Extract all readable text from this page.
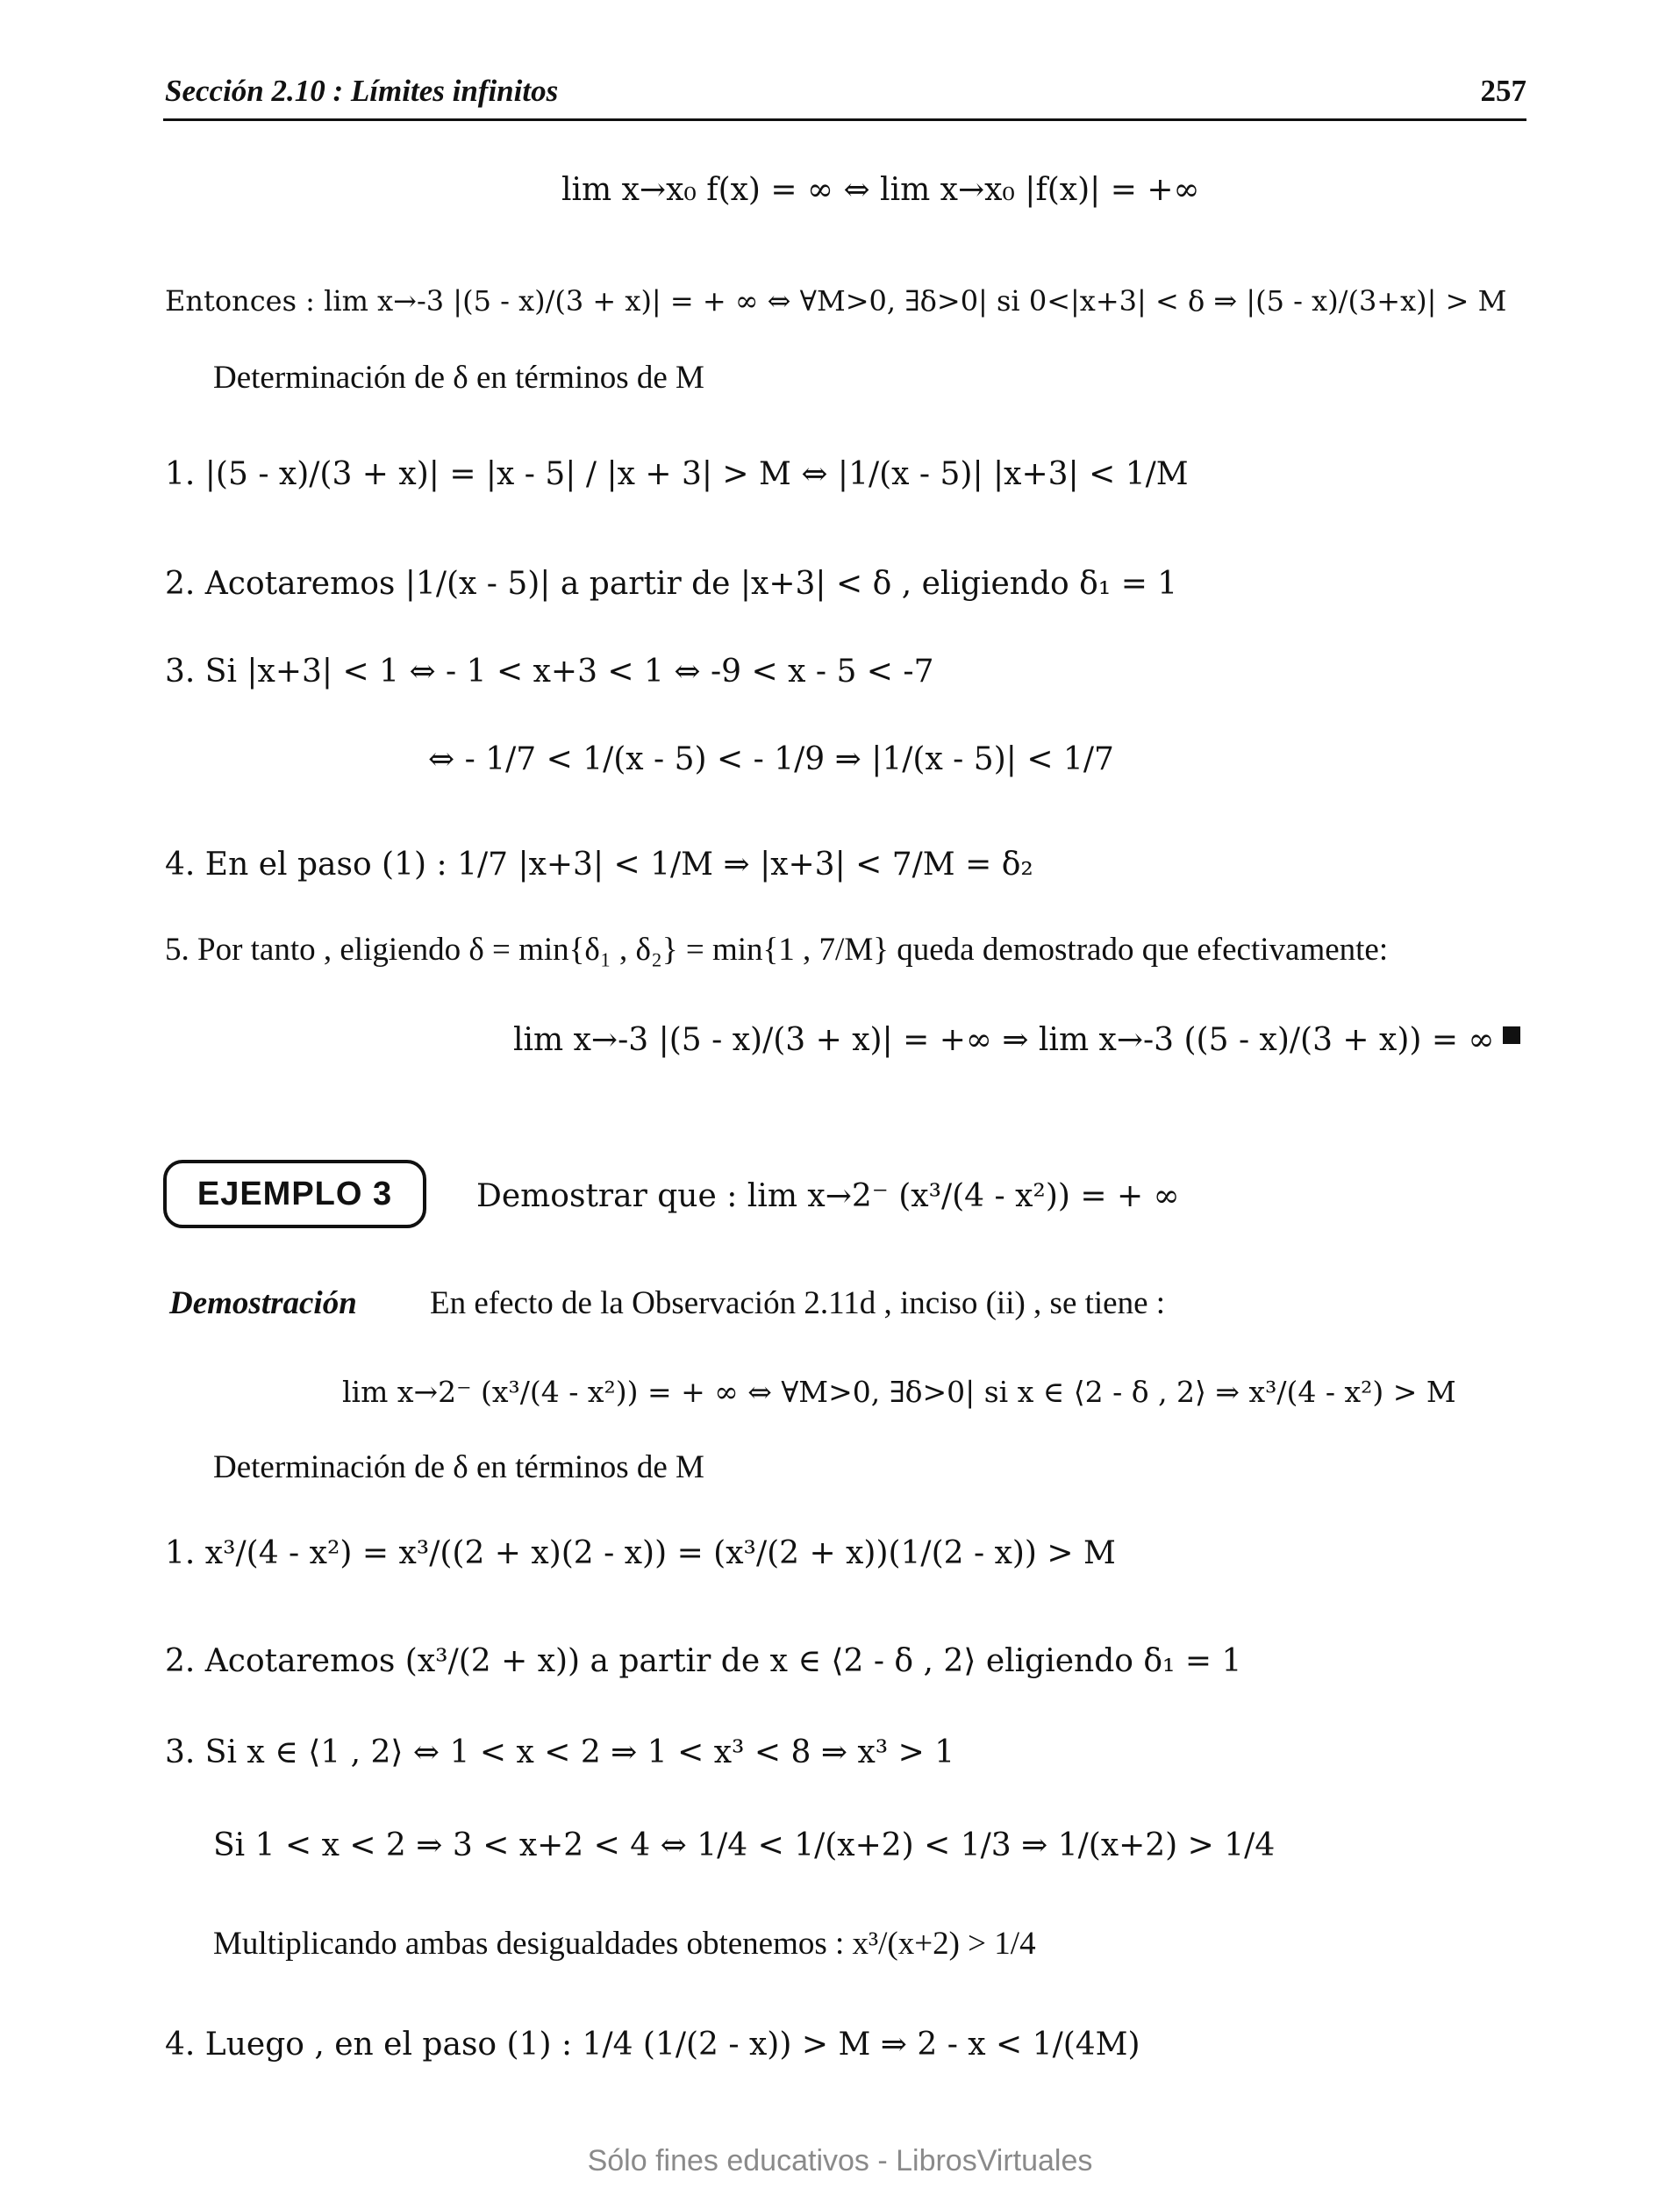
Sección 2.10 : Límites infinitos	257
lim x→x₀ f(x) = ∞ ⇔ lim x→x₀ |f(x)| = +∞
Entonces : lim x→-3 |(5 - x)/(3 + x)| = + ∞ ⇔ ∀M>0, ∃δ>0| si 0<|x+3| < δ ⇒ |(5 - x)/(3+x)| > M
Determinación de δ en términos de M
1. |(5 - x)/(3 + x)| = |x - 5| / |x + 3| > M ⇔ |1/(x - 5)| |x+3| < 1/M
2. Acotaremos |1/(x - 5)| a partir de |x+3| < δ , eligiendo δ₁ = 1
3. Si |x+3| < 1 ⇔ - 1 < x+3 < 1 ⇔ -9 < x - 5 < -7
⇔ - 1/7 < 1/(x - 5) < - 1/9 ⇒ |1/(x - 5)| < 1/7
4. En el paso (1) : 1/7 |x+3| < 1/M ⇒ |x+3| < 7/M = δ₂
5. Por tanto , eligiendo δ = min{δ₁ , δ₂} = min{1 , 7/M} queda demostrado que efectivamente:
lim x→-3 |(5 - x)/(3 + x)| = +∞ ⇒ lim x→-3 ((5 - x)/(3 + x)) = ∞
EJEMPLO 3	Demostrar que : lim x→2⁻ (x³/(4 - x²)) = + ∞
Demostración En efecto de la Observación 2.11d , inciso (ii) , se tiene :
lim x→2⁻ (x³/(4 - x²)) = + ∞ ⇔ ∀M>0, ∃δ>0| si x ∈ ⟨2 - δ , 2⟩ ⇒ x³/(4 - x²) > M
Determinación de δ en términos de M
1. x³/(4 - x²) = x³/((2 + x)(2 - x)) = (x³/(2 + x))(1/(2 - x)) > M
2. Acotaremos (x³/(2 + x)) a partir de x ∈ ⟨2 - δ , 2⟩ eligiendo δ₁ = 1
3. Si x ∈ ⟨1 , 2⟩ ⇔ 1 < x < 2 ⇒ 1 < x³ < 8 ⇒ x³ > 1
Si 1 < x < 2 ⇒ 3 < x+2 < 4 ⇔ 1/4 < 1/(x+2) < 1/3 ⇒ 1/(x+2) > 1/4
Multiplicando ambas desigualdades obtenemos : x³/(x+2) > 1/4
4. Luego , en el paso (1) : 1/4 (1/(2 - x)) > M ⇒ 2 - x < 1/(4M)
Sólo fines educativos - LibrosVirtuales
